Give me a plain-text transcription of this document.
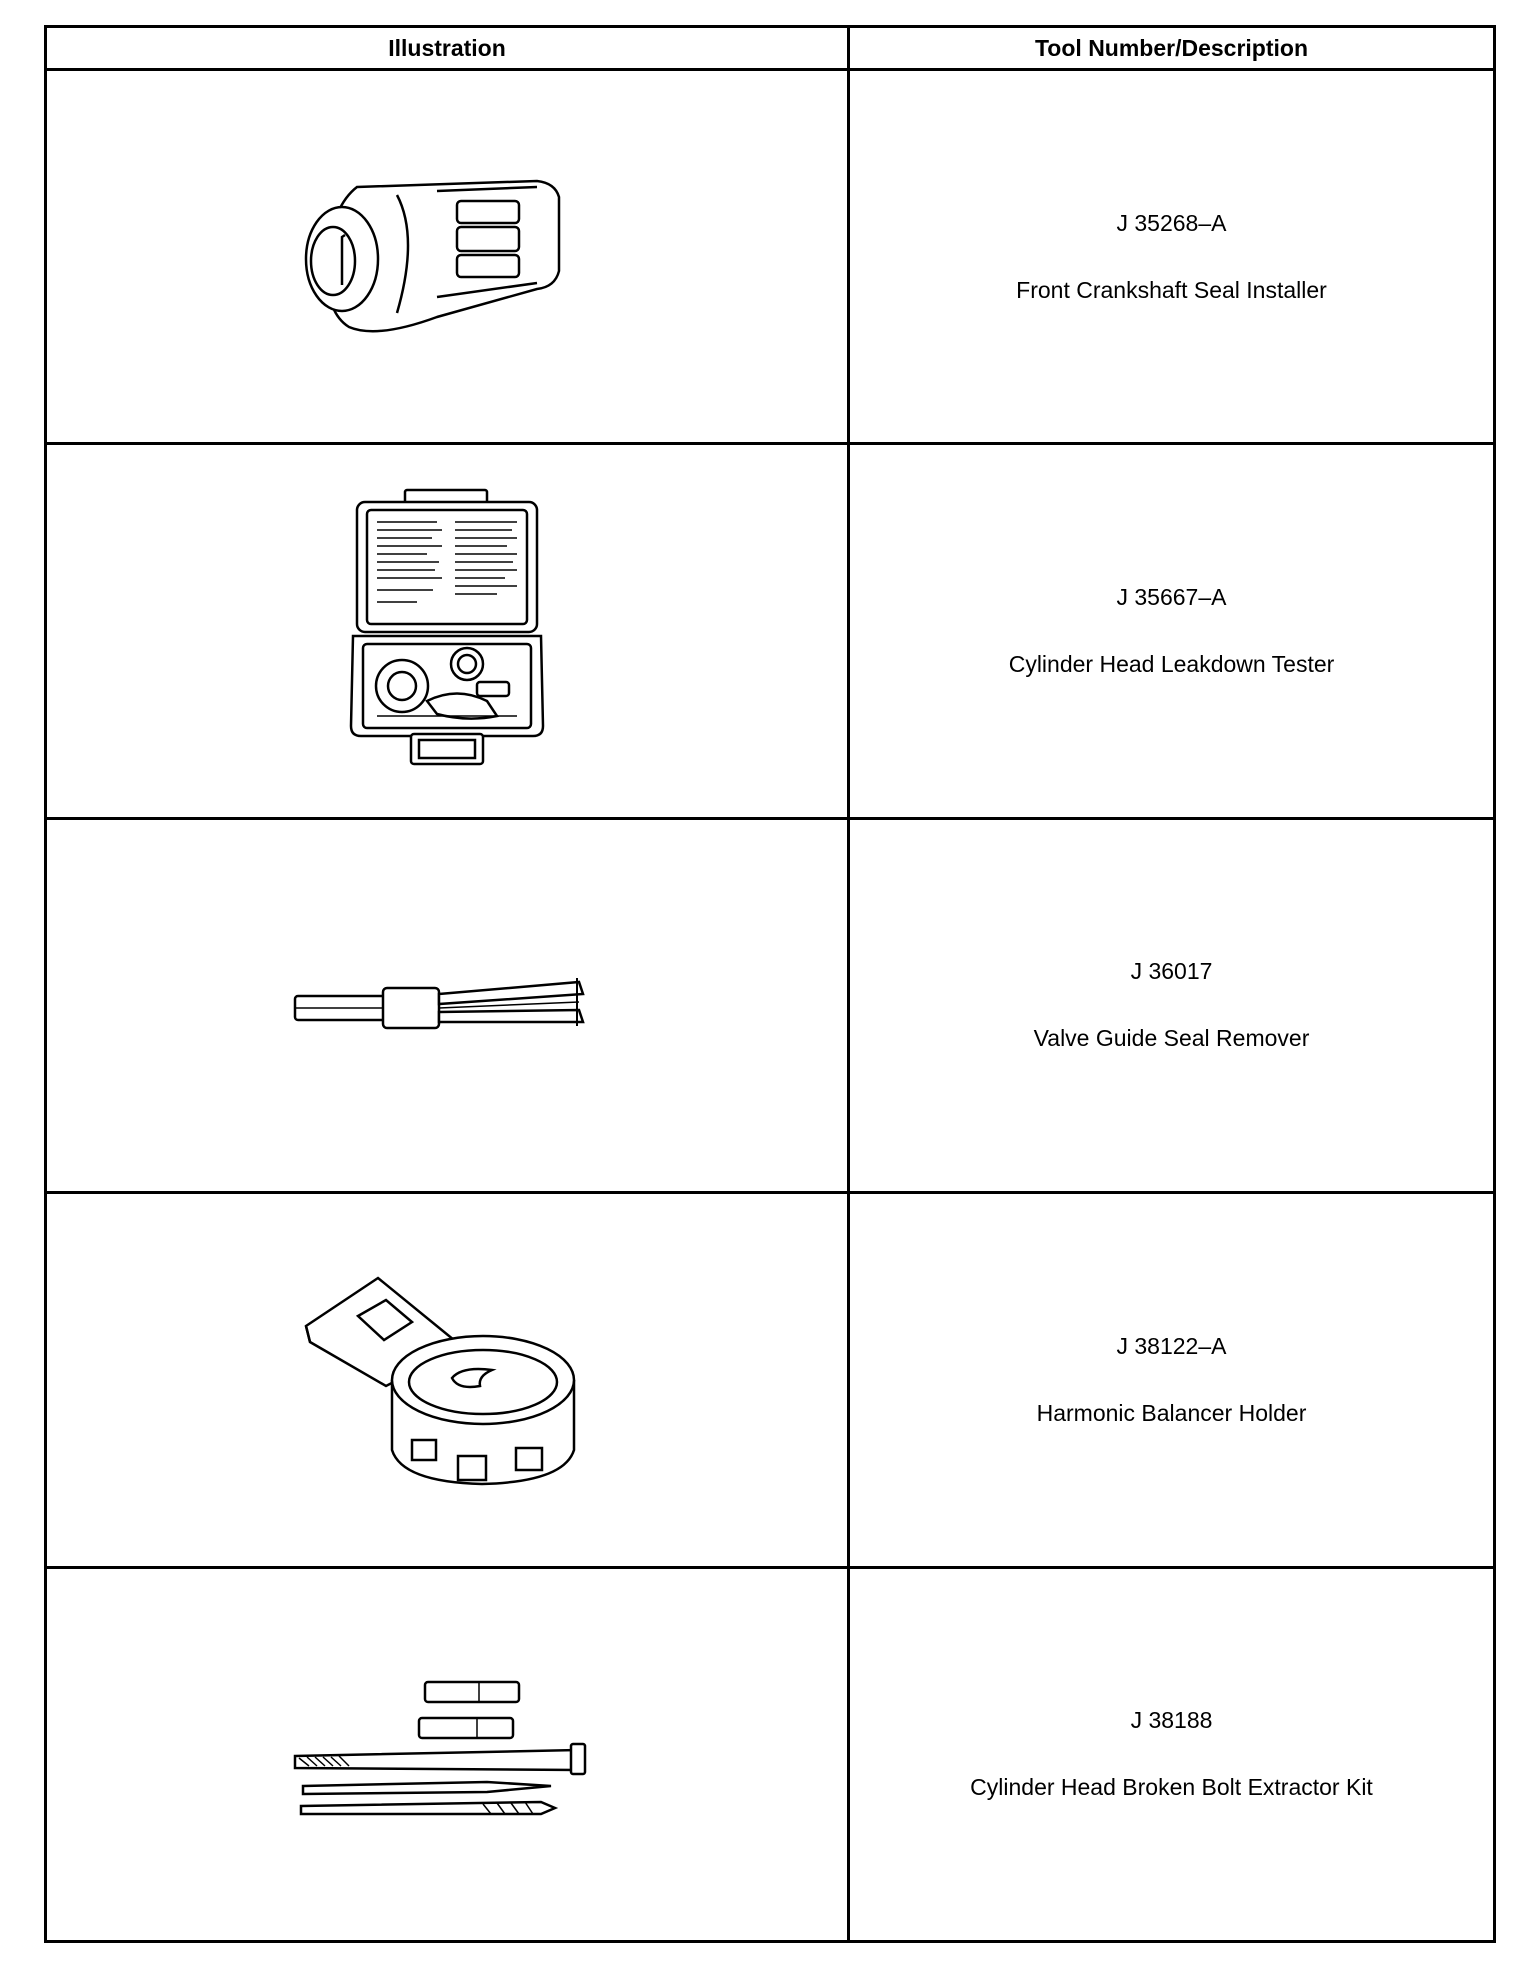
Illustration	Tool Number/Description
J 35268–A
Front Crankshaft Seal Installer
J 35667–A
Cylinder Head Leakdown Tester
J 36017
Valve Guide Seal Remover
J 38122–A
Harmonic Balancer Holder
J 38188
Cylinder Head Broken Bolt Extractor Kit
